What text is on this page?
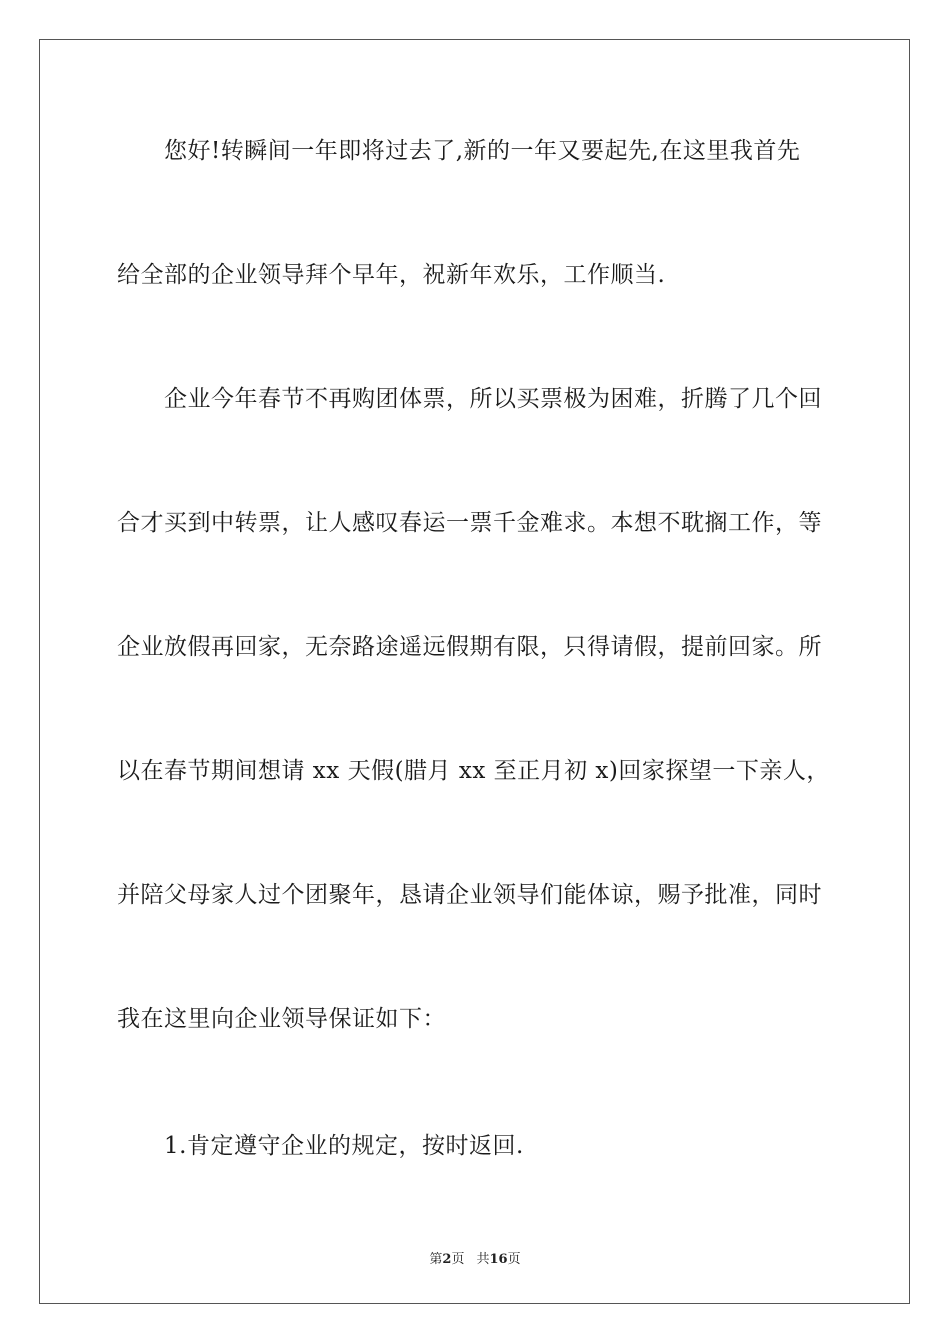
您好!转瞬间一年即将过去了,新的一年又要起先,在这里我首先
给全部的企业领导拜个早年，祝新年欢乐，工作顺当.
企业今年春节不再购团体票，所以买票极为困难，折腾了几个回
合才买到中转票，让人感叹春运一票千金难求。本想不耽搁工作，等
企业放假再回家，无奈路途遥远假期有限，只得请假，提前回家。所
以在春节期间想请 xx 天假(腊月 xx 至正月初 x)回家探望一下亲人，
并陪父母家人过个团聚年，恳请企业领导们能体谅，赐予批准，同时
我在这里向企业领导保证如下：
1.肯定遵守企业的规定，按时返回.
第2页 共16页
